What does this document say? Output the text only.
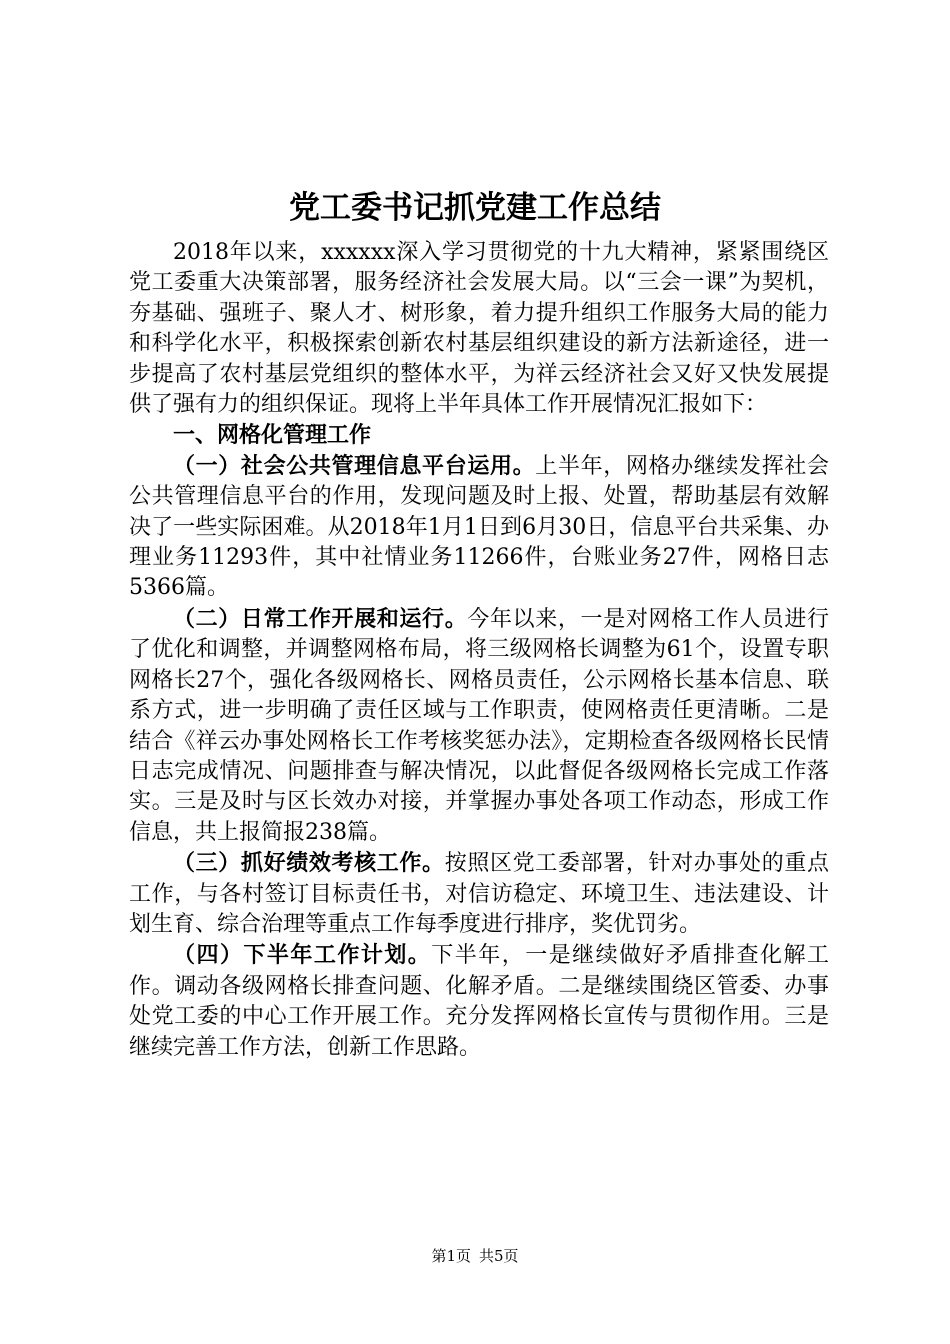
党工委书记抓党建工作总结

2018年以来，xxxxxx深入学习贯彻党的十九大精神，紧紧围绕区党工委重大决策部署，服务经济社会发展大局。以“三会一课”为契机，夯基础、强班子、聚人才、树形象，着力提升组织工作服务大局的能力和科学化水平，积极探索创新农村基层组织建设的新方法新途径，进一步提高了农村基层党组织的整体水平，为祥云经济社会又好又快发展提供了强有力的组织保证。现将上半年具体工作开展情况汇报如下：

一、网格化管理工作

（一）社会公共管理信息平台运用。上半年，网格办继续发挥社会公共管理信息平台的作用，发现问题及时上报、处置，帮助基层有效解决了一些实际困难。从2018年1月1日到6月30日，信息平台共采集、办理业务11293件，其中社情业务11266件，台账业务27件，网格日志5366篇。

（二）日常工作开展和运行。今年以来，一是对网格工作人员进行了优化和调整，并调整网格布局，将三级网格长调整为61个，设置专职网格长27个，强化各级网格长、网格员责任，公示网格长基本信息、联系方式，进一步明确了责任区域与工作职责，使网格责任更清晰。二是结合《祥云办事处网格长工作考核奖惩办法》，定期检查各级网格长民情日志完成情况、问题排查与解决情况，以此督促各级网格长完成工作落实。三是及时与区长效办对接，并掌握办事处各项工作动态，形成工作信息，共上报简报238篇。

（三）抓好绩效考核工作。按照区党工委部署，针对办事处的重点工作，与各村签订目标责任书，对信访稳定、环境卫生、违法建设、计划生育、综合治理等重点工作每季度进行排序，奖优罚劣。

（四）下半年工作计划。下半年，一是继续做好矛盾排查化解工作。调动各级网格长排查问题、化解矛盾。二是继续围绕区管委、办事处党工委的中心工作开展工作。充分发挥网格长宣传与贯彻作用。三是继续完善工作方法，创新工作思路。

第1页 共5页
